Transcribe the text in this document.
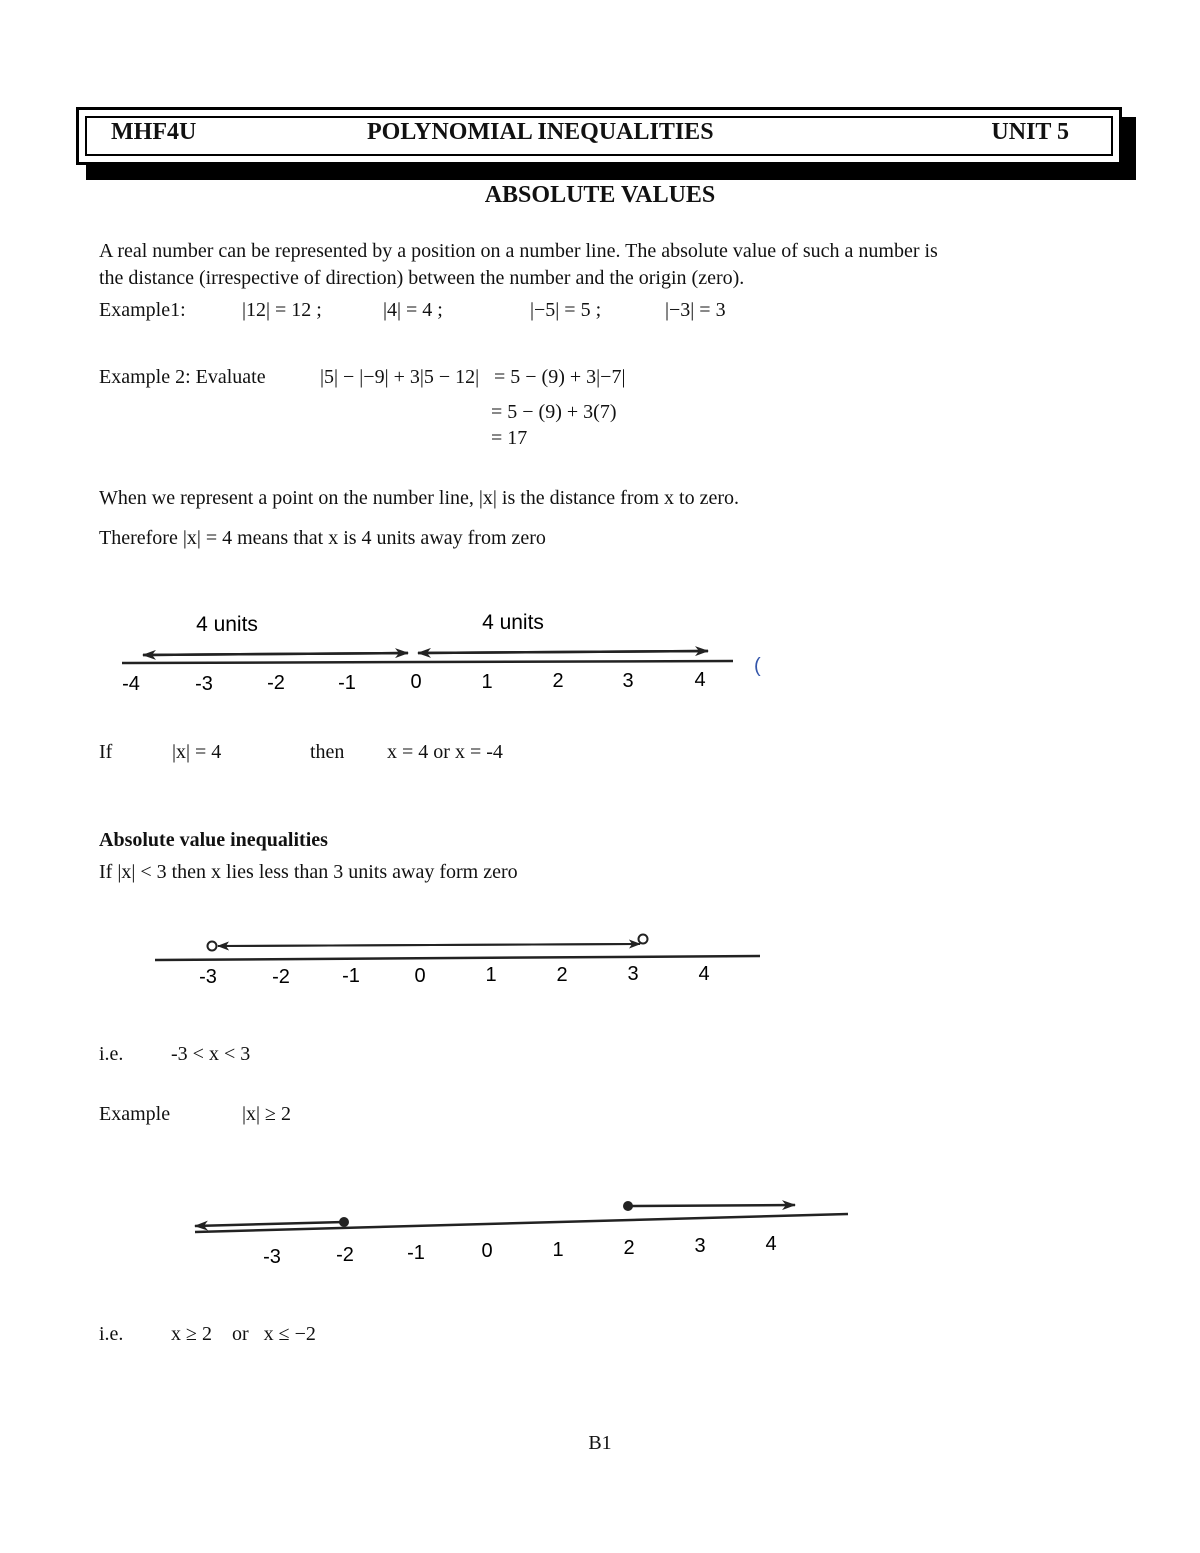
MHF4U	POLYNOMIAL INEQUALITIES	UNIT 5
ABSOLUTE VALUES
A real number can be represented by a position on a number line. The absolute value of such a number is
the distance (irrespective of direction) between the number and the origin (zero).
Example1:	|12| = 12 ;	|4| = 4 ;	|−5| = 5 ;	|−3| = 3
Example 2: Evaluate	|5| − |−9| + 3|5 − 12| = 5 − (9) + 3|−7|
= 5 − (9) + 3(7)
= 17
When we represent a point on the number line, |x| is the distance from x to zero.
Therefore |x| = 4 means that x is 4 units away from zero
4 units	4 units
-4	-3	-2	-1	0	1	2	3	4
(
If	|x| = 4	then x = 4 or x = -4
Absolute value inequalities
If |x| < 3 then x lies less than 3 units away form zero
-3	-2	-1	0	1	2	3	4
i.e. -3 < x < 3
Example	|x| ≥ 2
-3	-2	-1	0	1	2	3	4
i.e. x ≥ 2    or   x ≤ −2
B1
